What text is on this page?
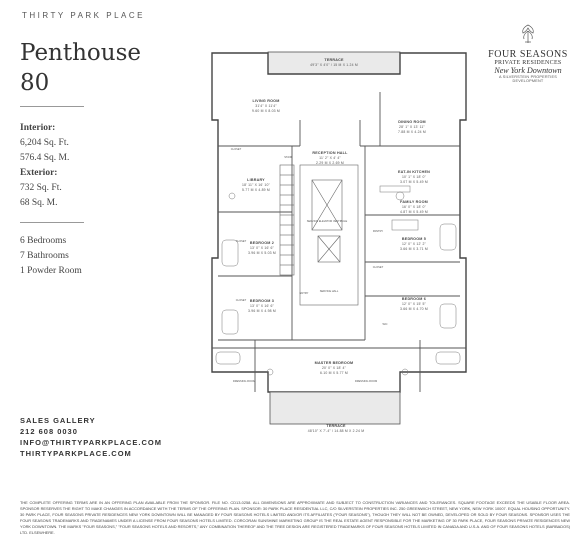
THIRTY PARK PLACE
Penthouse
80
Interior:
6,204 Sq. Ft.
576.4 Sq. M.
Exterior:
732 Sq. Ft.
68 Sq. M.
6 Bedrooms
7 Bathrooms
1 Powder Room
FOUR SEASONS
PRIVATE RESIDENCES
New York Downtown
A SILVERSTEIN PROPERTIES DEVELOPMENT
TERRACE
49'3" X 4'0" / 15 M X 1.24 M
LIVING ROOM
31'4" X 11'4"
9.60 M X 8.03 M
DINING ROOM
28' 1" X 13' 11"
7.88 M X 4.24 M
RECEPTION HALL
11' 2" X 4' 4"
2.29 M X 2.69 M
LIBRARY
18' 11" X 16' 10"
5.77 M X 4.89 M
EAT-IN KITCHEN
10' 1" X 18' 0"
3.07 M X 5.49 M
FAMILY ROOM
16' 0" X 18' 0"
4.87 M X 5.49 M
BEDROOM 2
13' 0" X 16' 6"
3.96 M X 5.03 M
BEDROOM 3
13' 0" X 16' 6"
3.96 M X 4.98 M
BEDROOM 5
12' 0" X 12' 2"
3.66 M X 3.71 M
BEDROOM 6
12' 0" X 15' 5"
3.66 M X 4.70 M
MASTER BEDROOM
20' 0" X 18' 4"
6.10 M X 5.77 M
DRESSING ROOM	DRESSING ROOM
TERRACE
48'10" X 7'-4" / 14.88 M X 2.24 M
CLOSET
CLOSET
CLOSET
CLOSET
PANTRY
STAIR
SERVICE ELEVATOR VESTIBULE
SERVICE HALL
ENTRY
W/C
SALES GALLERY
212 608 0030
INFO@THIRTYPARKPLACE.COM
THIRTYPARKPLACE.COM
THE COMPLETE OFFERING TERMS ARE IN AN OFFERING PLAN AVAILABLE FROM THE SPONSOR. FILE NO. CD13-0258. ALL DIMENSIONS ARE APPROXIMATE AND SUBJECT TO CONSTRUCTION VARIANCES AND TOLERANCES. SQUARE FOOTAGE EXCEEDS THE USABLE FLOOR AREA. SPONSOR RESERVES THE RIGHT TO MAKE CHANGES IN ACCORDANCE WITH THE TERMS OF THE OFFERING PLAN. SPONSOR: 30 PARK PLACE RESIDENTIAL LLC, C/O SILVERSTEIN PROPERTIES INC. 250 GREENWICH STREET, NEW YORK, NEW YORK 10007. EQUAL HOUSING OPPORTUNITY. 30 PARK PLACE, FOUR SEASONS PRIVATE RESIDENCES NEW YORK DOWNTOWN WILL BE MANAGED BY FOUR SEASONS HOTELS LIMITED AND/OR ITS AFFILIATES ("FOUR SEASONS"), THOUGH THEY WILL NOT BE OWNED, DEVELOPED OR SOLD BY FOUR SEASONS. SPONSOR USES THE FOUR SEASONS TRADEMARKS AND TRADENAMES UNDER A LICENSE FROM FOUR SEASONS HOTELS LIMITED. CORCORAN SUNSHINE MARKETING GROUP IS THE REAL ESTATE AGENT RESPONSIBLE FOR THE MARKETING OF 30 PARK PLACE, FOUR SEASONS PRIVATE RESIDENCES NEW YORK DOWNTOWN. THE MARKS "FOUR SEASONS," "FOUR SEASONS HOTELS AND RESORTS," ANY COMBINATION THEREOF AND THE TREE DESIGN ARE REGISTERED TRADEMARKS OF FOUR SEASONS HOTELS LIMITED IN CANADA AND U.S.A. AND OF FOUR SEASONS HOTELS (BARBADOS) LTD. ELSEWHERE.
